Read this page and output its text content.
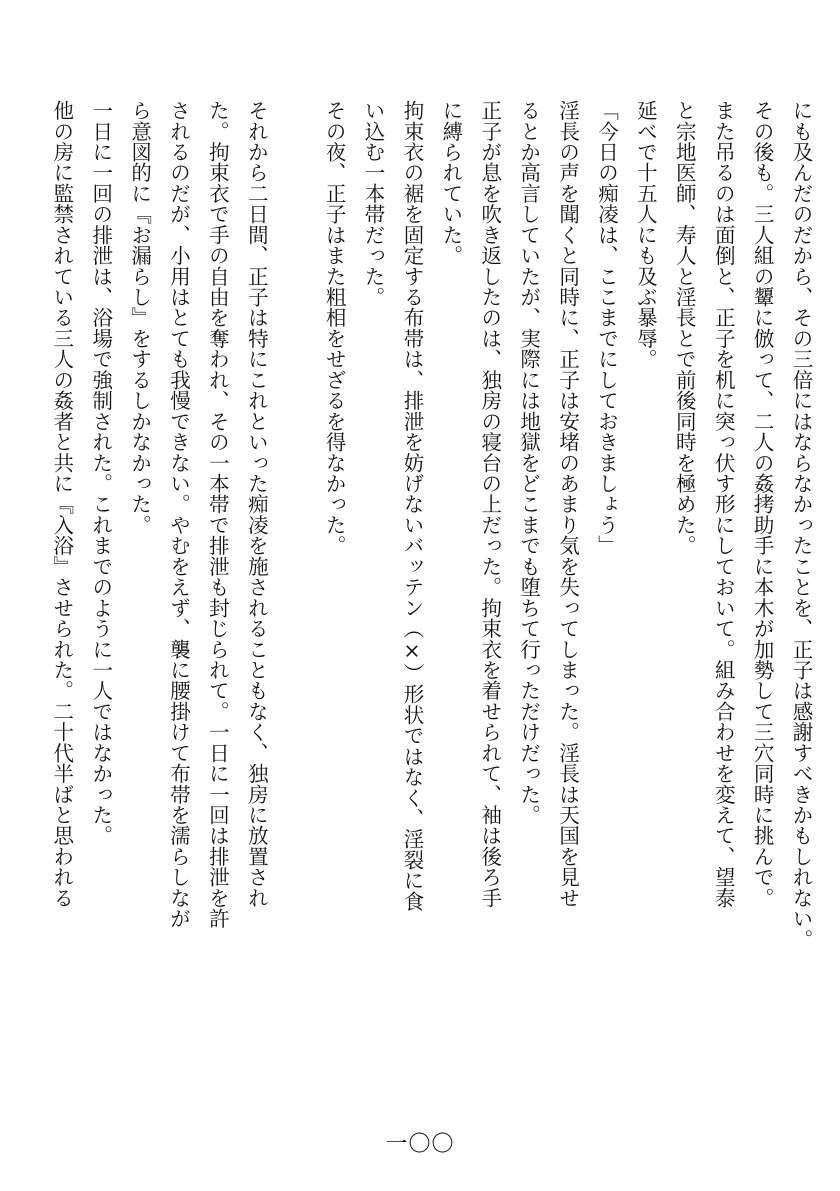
にも及んだのだから、その三倍にはならなかったことを、正子は感謝すべきかもしれない。
その後も。三人組の顰に倣って、二人の姦拷助手に本木が加勢して三穴同時に挑んで。
また吊るのは面倒と、正子を机に突っ伏す形にしておいて。組み合わせを変えて、望泰
と宗地医師、寿人と淫長とで前後同時を極めた。
延べで十五人にも及ぶ暴辱。
「今日の痴凌は、ここまでにしておきましょう」
淫長の声を聞くと同時に、正子は安堵のあまり気を失ってしまった。淫長は天国を見せ
るとか高言していたが、実際には地獄をどこまでも堕ちて行っただけだった。
正子が息を吹き返したのは、独房の寝台の上だった。拘束衣を着せられて、袖は後ろ手
に縛られていた。
拘束衣の裾を固定する布帯は、排泄を妨げないバッテン（×）形状ではなく、淫裂に食
い込む一本帯だった。
その夜、正子はまた粗相をせざるを得なかった。

それから二日間、正子は特にこれといった痴凌を施されることもなく、独房に放置され
た。拘束衣で手の自由を奪われ、その一本帯で排泄も封じられて。一日に一回は排泄を許
されるのだが、小用はとても我慢できない。やむをえず、襲に腰掛けて布帯を濡らしなが
ら意図的に『お漏らし』をするしかなかった。
一日に一回の排泄は、浴場で強制された。これまでのように一人ではなかった。
他の房に監禁されている三人の姦者と共に『入浴』させられた。二十代半ばと思われる
一〇〇
